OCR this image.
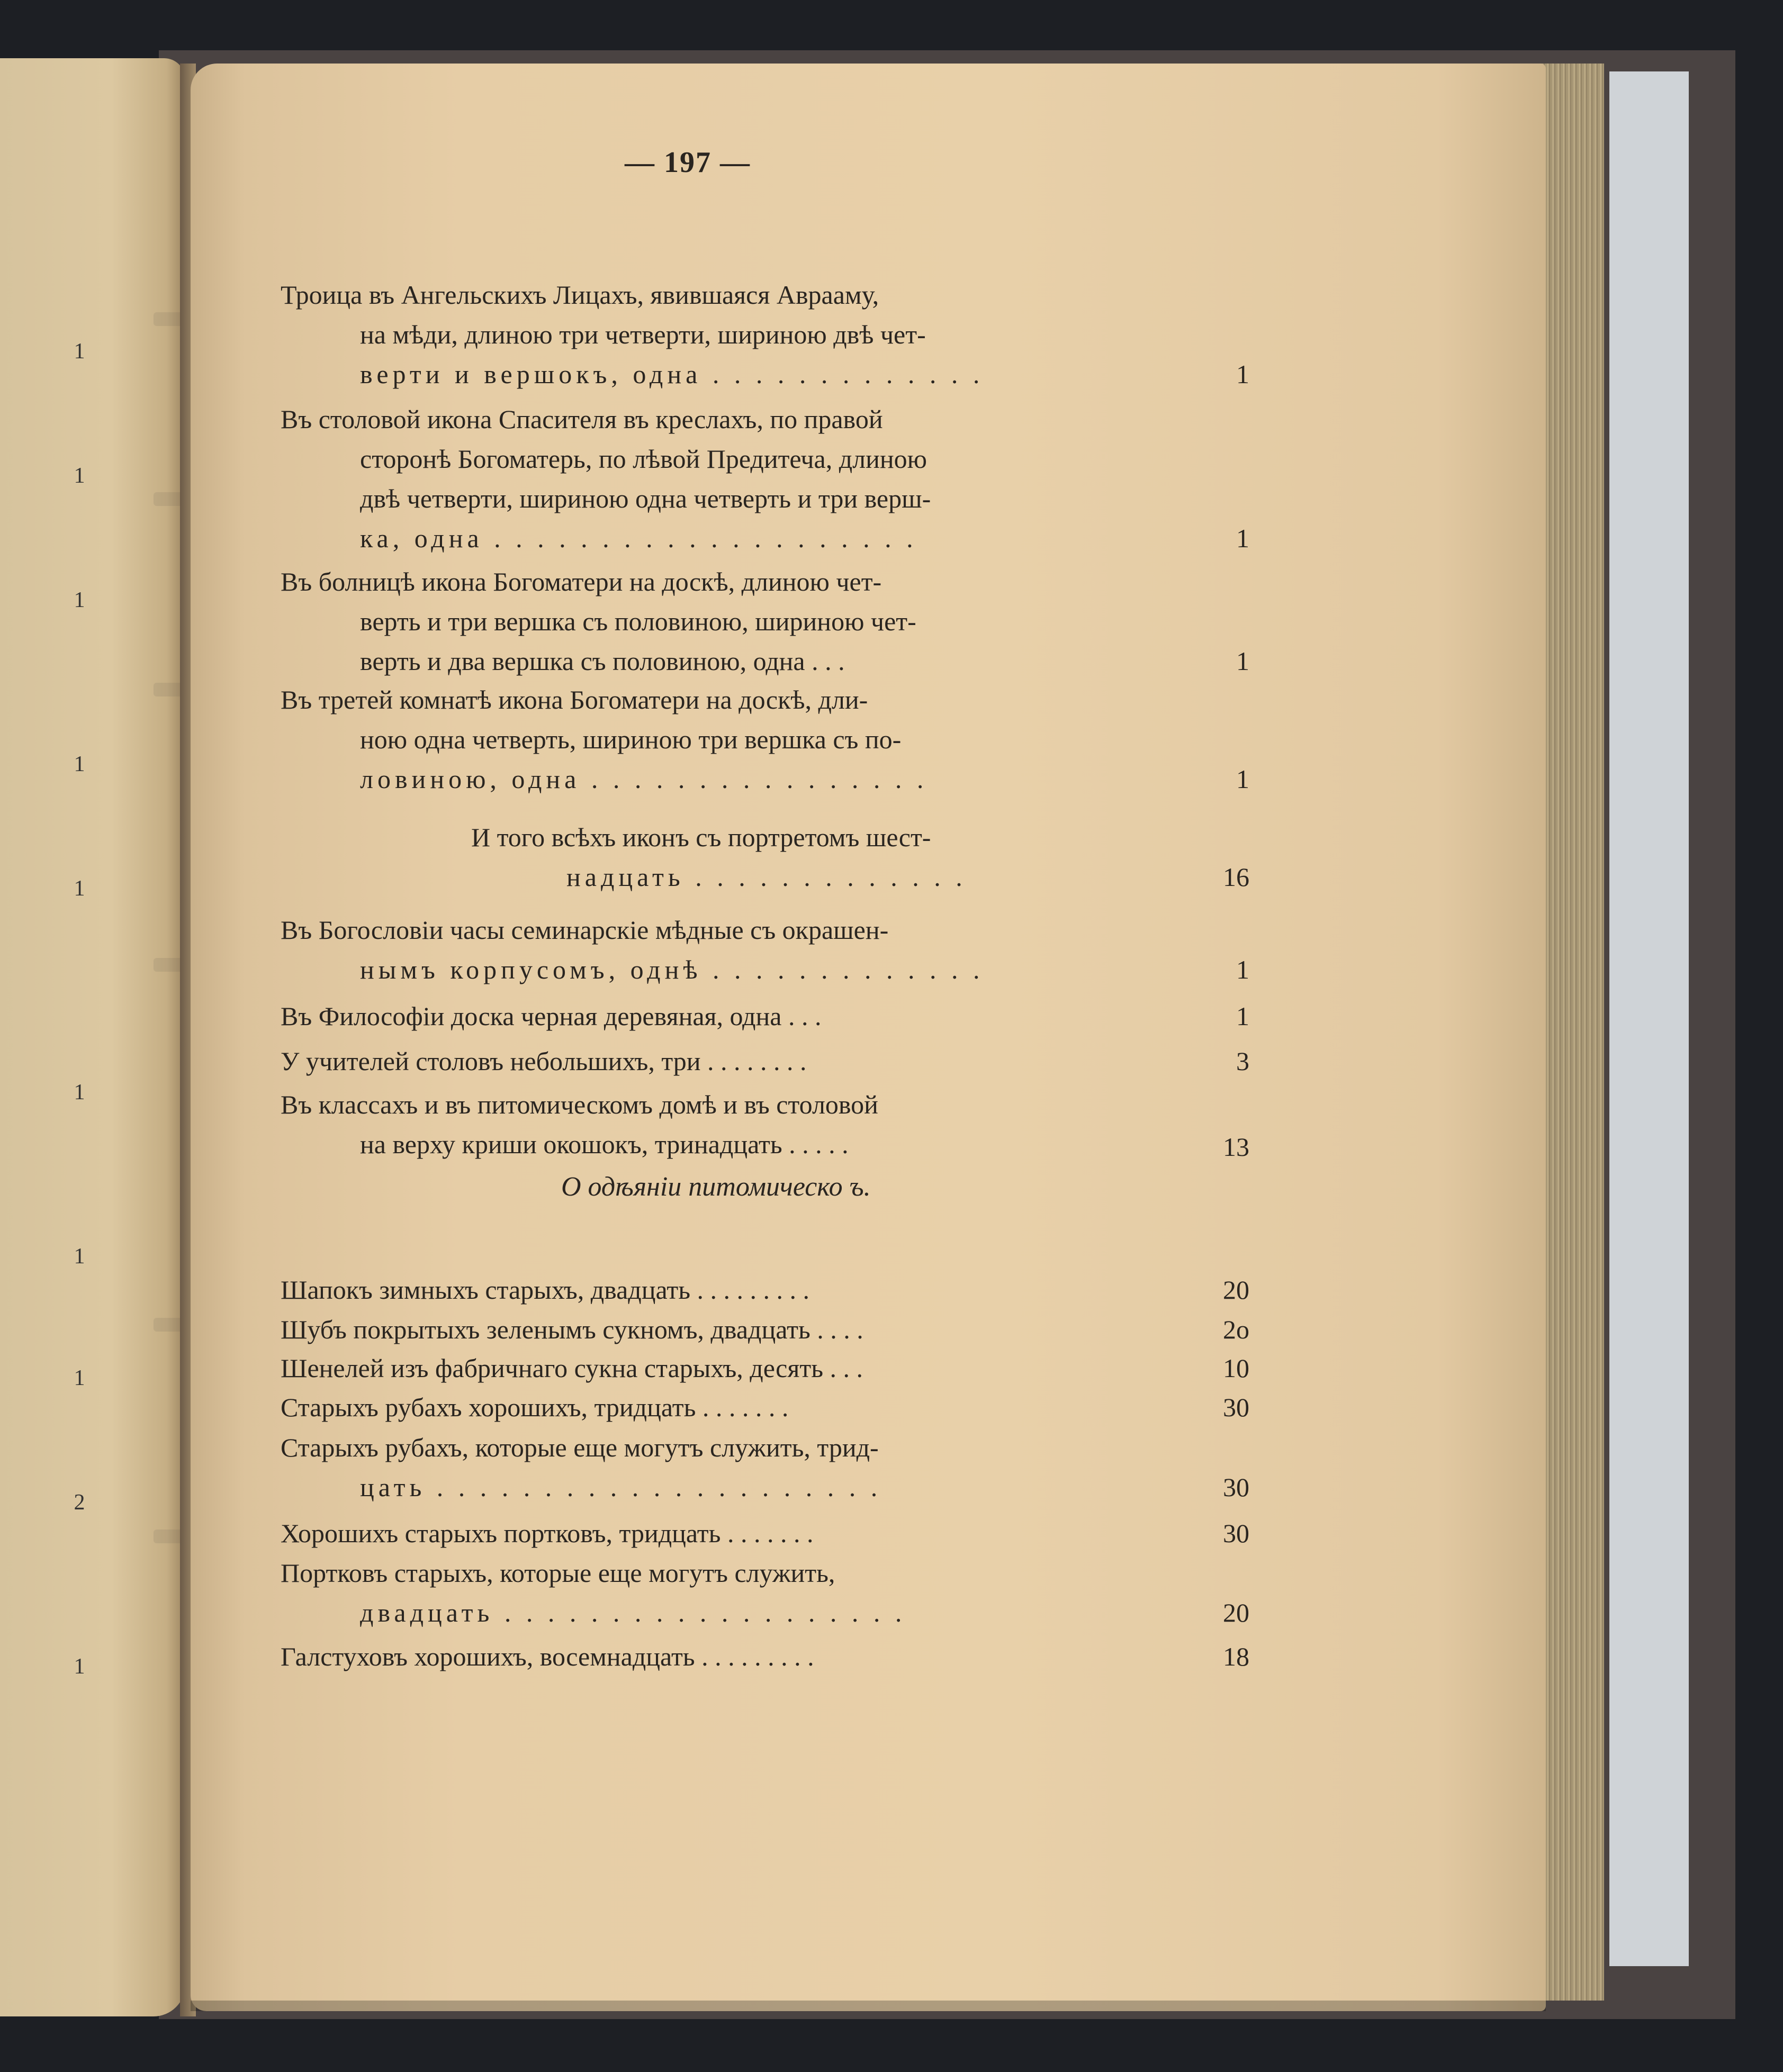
1
1
1
1
1
1
1
1
2
1
— 197 —
Троица въ Ангельскихъ Лицахъ, явившаяся Аврааму,
на мѣди, длиною три четверти, шириною двѣ чет-
верти и вершокъ, одна . . . . . . . . . . . . .	1
Въ столовой икона Спасителя въ креслахъ, по правой
сторонѣ Богоматерь, по лѣвой Предитеча, длиною
двѣ четверти, шириною одна четверть и три верш-
ка, одна . . . . . . . . . . . . . . . . . . . .	1
Въ болницѣ икона Богоматери на доскѣ, длиною чет-
верть и три вершка съ половиною, шириною чет-
верть и два вершка съ половиною, одна . . .	1
Въ третей комнатѣ икона Богоматери на доскѣ, дли-
ною одна четверть, шириною три вершка съ по-
ловиною, одна . . . . . . . . . . . . . . . .	1
И того всѣхъ иконъ съ портретомъ шест-
надцать . . . . . . . . . . . . .	16
Въ Богословiи часы семинарскiе мѣдные съ окрашен-
нымъ корпусомъ, однѣ . . . . . . . . . . . . .	1
Въ Философiи доска черная деревяная, одна . . .	1
У учителей столовъ небольшихъ, три . . . . . . . .	3
Въ классахъ и въ питомическомъ домѣ и въ столовой
на верху криши окошокъ, тринадцать . . . . .	13
О одѣянiи питомическо ъ.
Шапокъ зимныхъ старыхъ, двадцать . . . . . . . . .	20
Шубъ покрытыхъ зеленымъ сукномъ, двадцать . . . .	2о
Шенелей изъ фабричнаго сукна старыхъ, десять . . .	10
Старыхъ рубахъ хорошихъ, тридцать . . . . . . .	30
Старыхъ рубахъ, которые еще могутъ служить, трид-
цать . . . . . . . . . . . . . . . . . . . . .	30
Хорошихъ старыхъ портковъ, тридцать . . . . . . .	30
Портковъ старыхъ, которые еще могутъ служить,
двадцать . . . . . . . . . . . . . . . . . . .	20
Галстуховъ хорошихъ, восемнадцать . . . . . . . . .	18
